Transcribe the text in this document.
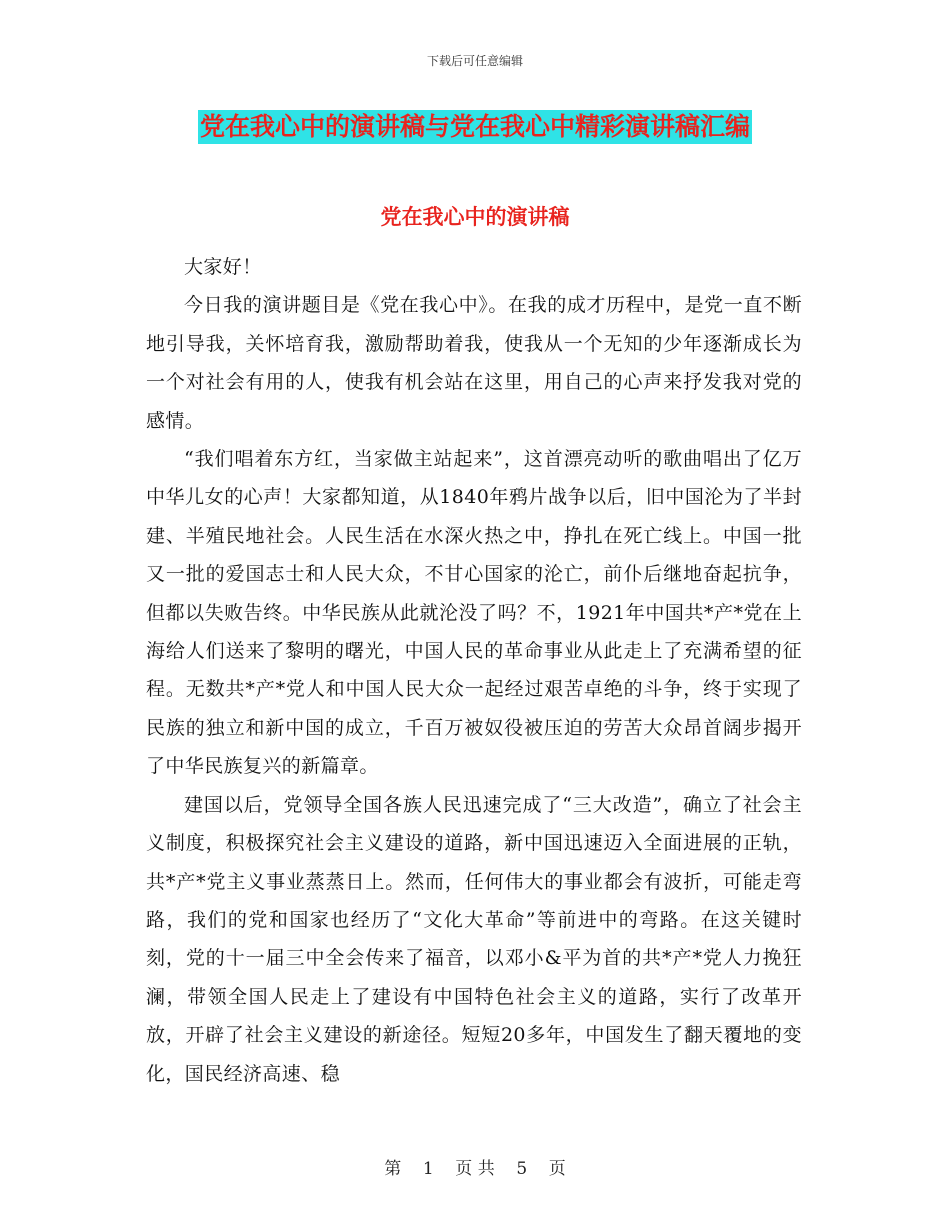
下载后可任意编辑
党在我心中的演讲稿与党在我心中精彩演讲稿汇编
党在我心中的演讲稿

大家好！

今日我的演讲题目是《党在我心中》。在我的成才历程中，是党一直不断地引导我，关怀培育我，激励帮助着我，使我从一个无知的少年逐渐成长为一个对社会有用的人，使我有机会站在这里，用自己的心声来抒发我对党的感情。

“我们唱着东方红，当家做主站起来”，这首漂亮动听的歌曲唱出了亿万中华儿女的心声！大家都知道，从1840年鸦片战争以后，旧中国沦为了半封建、半殖民地社会。人民生活在水深火热之中，挣扎在死亡线上。中国一批又一批的爱国志士和人民大众，不甘心国家的沦亡，前仆后继地奋起抗争，但都以失败告终。中华民族从此就沦没了吗？不，1921年中国共*产*党在上海给人们送来了黎明的曙光，中国人民的革命事业从此走上了充满希望的征程。无数共*产*党人和中国人民大众一起经过艰苦卓绝的斗争，终于实现了民族的独立和新中国的成立，千百万被奴役被压迫的劳苦大众昂首阔步揭开了中华民族复兴的新篇章。

建国以后，党领导全国各族人民迅速完成了“三大改造”，确立了社会主义制度，积极探究社会主义建设的道路，新中国迅速迈入全面进展的正轨，共*产*党主义事业蒸蒸日上。然而，任何伟大的事业都会有波折，可能走弯路，我们的党和国家也经历了“文化大革命”等前进中的弯路。在这关键时刻，党的十一届三中全会传来了福音，以邓小&平为首的共*产*党人力挽狂澜，带领全国人民走上了建设有中国特色社会主义的道路，实行了改革开放，开辟了社会主义建设的新途径。短短20多年，中国发生了翻天覆地的变化，国民经济高速、稳

第 1 页 共 5 页
